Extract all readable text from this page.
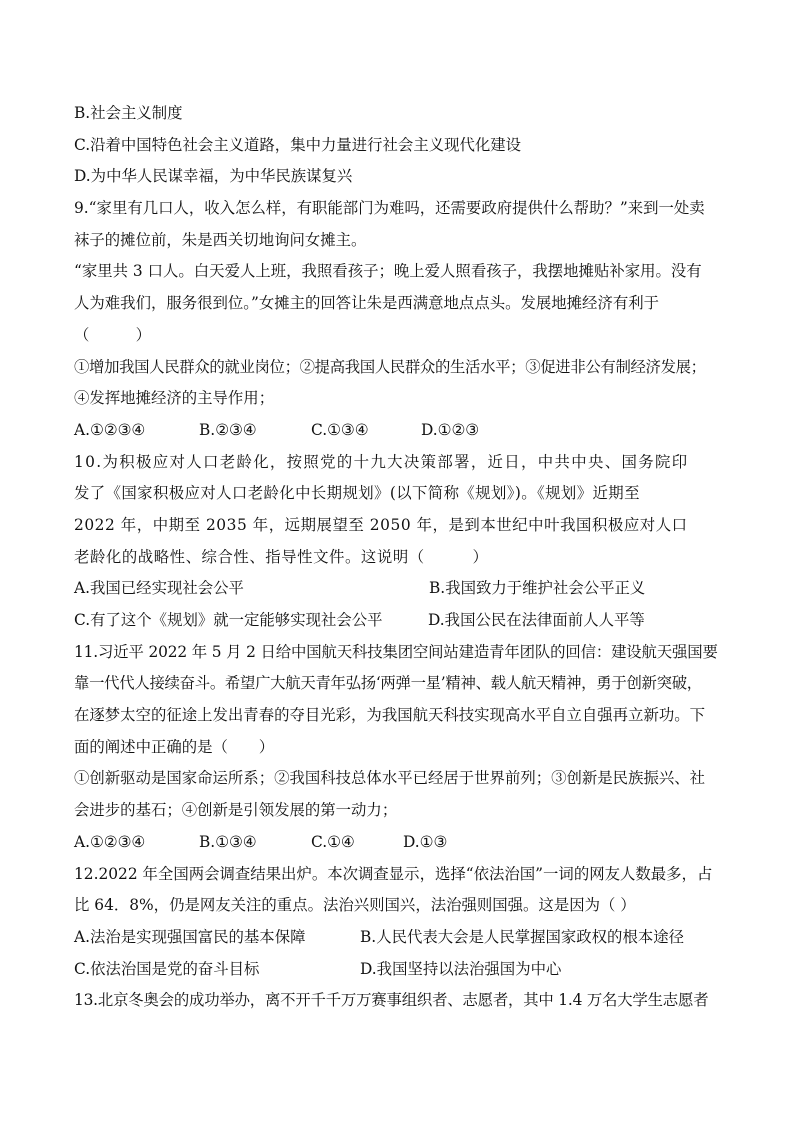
B.社会主义制度
C.沿着中国特色社会主义道路，集中力量进行社会主义现代化建设
D.为中华人民谋幸福，为中华民族谋复兴
9.“家里有几口人，收入怎么样，有职能部门为难吗，还需要政府提供什么帮助？”来到一处卖
袜子的摊位前，朱是西关切地询问女摊主。
“家里共 3 口人。白天爱人上班，我照看孩子；晚上爱人照看孩子，我摆地摊贴补家用。没有
人为难我们，服务很到位。”女摊主的回答让朱是西满意地点点头。发展地摊经济有利于
（　　　）
①增加我国人民群众的就业岗位；②提高我国人民群众的生活水平；③促进非公有制经济发展；
④发挥地摊经济的主导作用；
A.①②③④	B.②③④	C.①③④	D.①②③
10.为积极应对人口老龄化，按照党的十九大决策部署，近日，中共中央、国务院印
发了《国家积极应对人口老龄化中长期规划》(以下简称《规划》)。《规划》近期至
2022 年，中期至 2035 年，远期展望至 2050 年，是到本世纪中叶我国积极应对人口
老龄化的战略性、综合性、指导性文件。这说明（　　　）
A.我国已经实现社会公平	B.我国致力于维护社会公平正义
C.有了这个《规划》就一定能够实现社会公平	D.我国公民在法律面前人人平等
11.习近平 2022 年 5 月 2 日给中国航天科技集团空间站建造青年团队的回信：建设航天强国要
靠一代代人接续奋斗。希望广大航天青年弘扬‘两弹一星’精神、载人航天精神，勇于创新突破，
在逐梦太空的征途上发出青春的夺目光彩，为我国航天科技实现高水平自立自强再立新功。下
面的阐述中正确的是（　　）
①创新驱动是国家命运所系；②我国科技总体水平已经居于世界前列；③创新是民族振兴、社
会进步的基石；④创新是引领发展的第一动力；
A.①②③④	B.①③④	C.①④	D.①③
12.2022 年全国两会调查结果出炉。本次调查显示，选择“依法治国”一词的网友人数最多，占
比 64．8%，仍是网友关注的重点。法治兴则国兴，法治强则国强。这是因为（ ）
A.法治是实现强国富民的基本保障	B.人民代表大会是人民掌握国家政权的根本途径
C.依法治国是党的奋斗目标	D.我国坚持以法治强国为中心
13.北京冬奥会的成功举办，离不开千千万万赛事组织者、志愿者，其中 1.4 万名大学生志愿者
